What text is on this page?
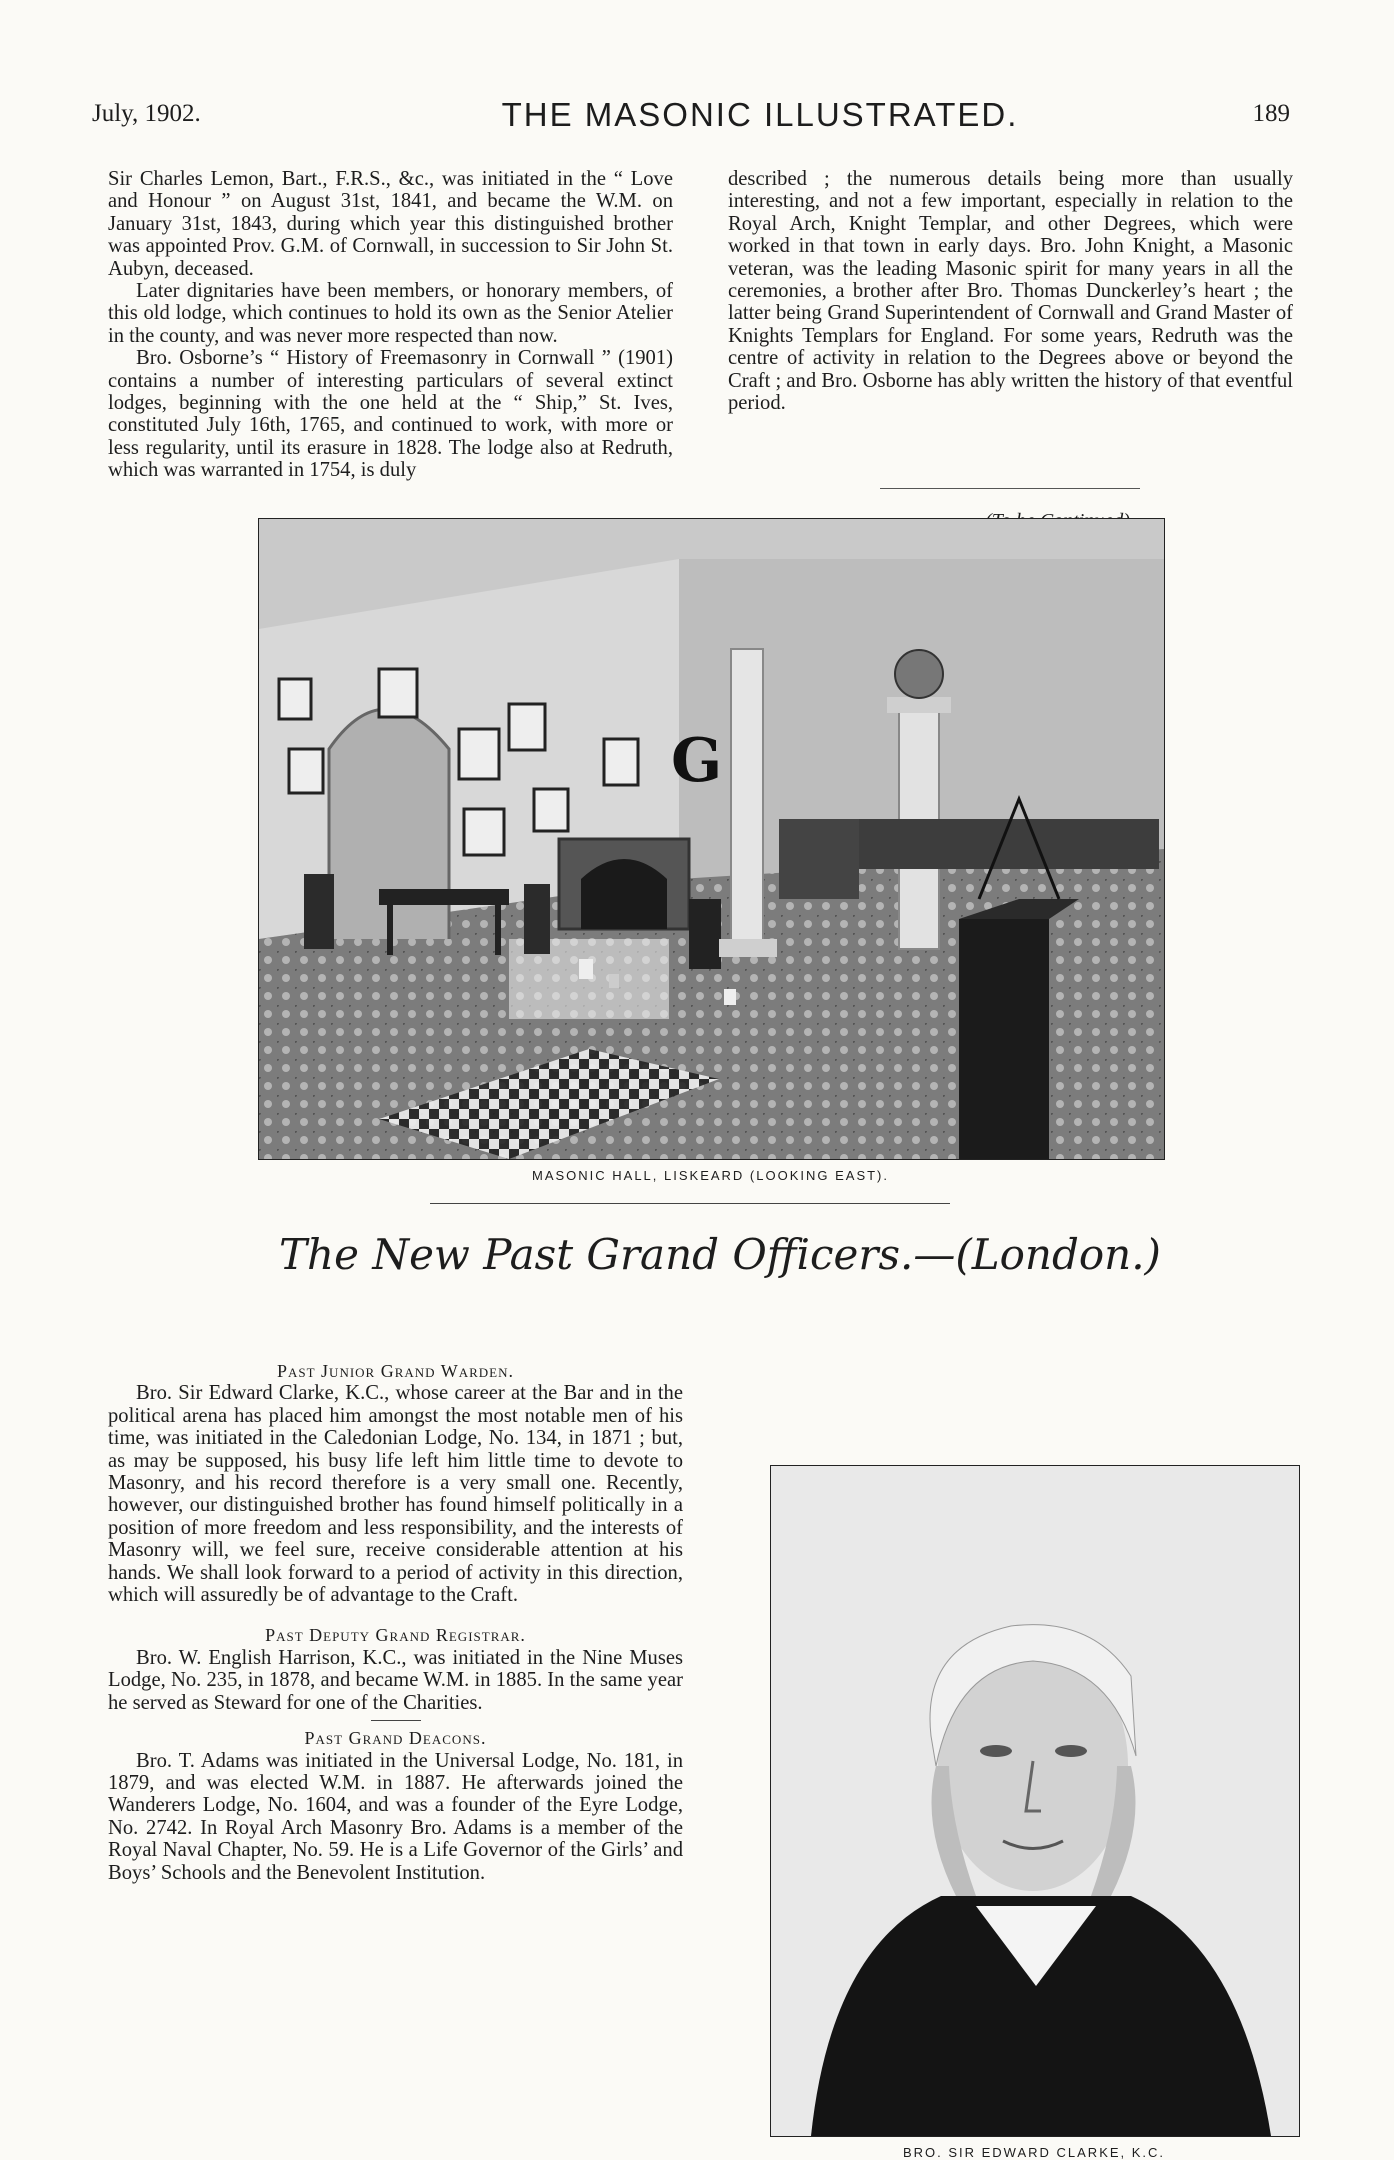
July, 1902.	THE MASONIC ILLUSTRATED.	189

Sir Charles Lemon, Bart., F.R.S., &c., was initiated in the “ Love and Honour ” on August 31st, 1841, and became the W.M. on January 31st, 1843, during which year this distinguished brother was appointed Prov. G.M. of Cornwall, in succession to Sir John St. Aubyn, deceased.

Later dignitaries have been members, or honorary members, of this old lodge, which continues to hold its own as the Senior Atelier in the county, and was never more respected than now.

Bro. Osborne’s “ History of Freemasonry in Cornwall ” (1901) contains a number of interesting particulars of several extinct lodges, beginning with the one held at the “ Ship,” St. Ives, constituted July 16th, 1765, and continued to work, with more or less regularity, until its erasure in 1828. The lodge also at Redruth, which was warranted in 1754, is duly

described ; the numerous details being more than usually interesting, and not a few important, especially in relation to the Royal Arch, Knight Templar, and other Degrees, which were worked in that town in early days. Bro. John Knight, a Masonic veteran, was the leading Masonic spirit for many years in all the ceremonies, a brother after Bro. Thomas Dunckerley’s heart ; the latter being Grand Superintendent of Cornwall and Grand Master of Knights Templars for England. For some years, Redruth was the centre of activity in relation to the Degrees above or beyond the Craft ; and Bro. Osborne has ably written the history of that eventful period.

G
MASONIC HALL, LISKEARD (LOOKING EAST).
The New Past Grand Officers.—(London.)

Past Junior Grand Warden.

Bro. Sir Edward Clarke, K.C., whose career at the Bar and in the political arena has placed him amongst the most notable men of his time, was initiated in the Caledonian Lodge, No. 134, in 1871 ; but, as may be supposed, his busy life left him little time to devote to Masonry, and his record therefore is a very small one. Recently, however, our distinguished brother has found himself politically in a position of more freedom and less responsibility, and the interests of Masonry will, we feel sure, receive considerable attention at his hands. We shall look forward to a period of activity in this direction, which will assuredly be of advantage to the Craft.

Past Deputy Grand Registrar.

Bro. W. English Harrison, K.C., was initiated in the Nine Muses Lodge, No. 235, in 1878, and became W.M. in 1885. In the same year he served as Steward for one of the Charities.

Past Grand Deacons.

Bro. T. Adams was initiated in the Universal Lodge, No. 181, in 1879, and was elected W.M. in 1887. He afterwards joined the Wanderers Lodge, No. 1604, and was a founder of the Eyre Lodge, No. 2742. In Royal Arch Masonry Bro. Adams is a member of the Royal Naval Chapter, No. 59. He is a Life Governor of the Girls’ and Boys’ Schools and the Benevolent Institution.

BRO. SIR EDWARD CLARKE, K.C.
